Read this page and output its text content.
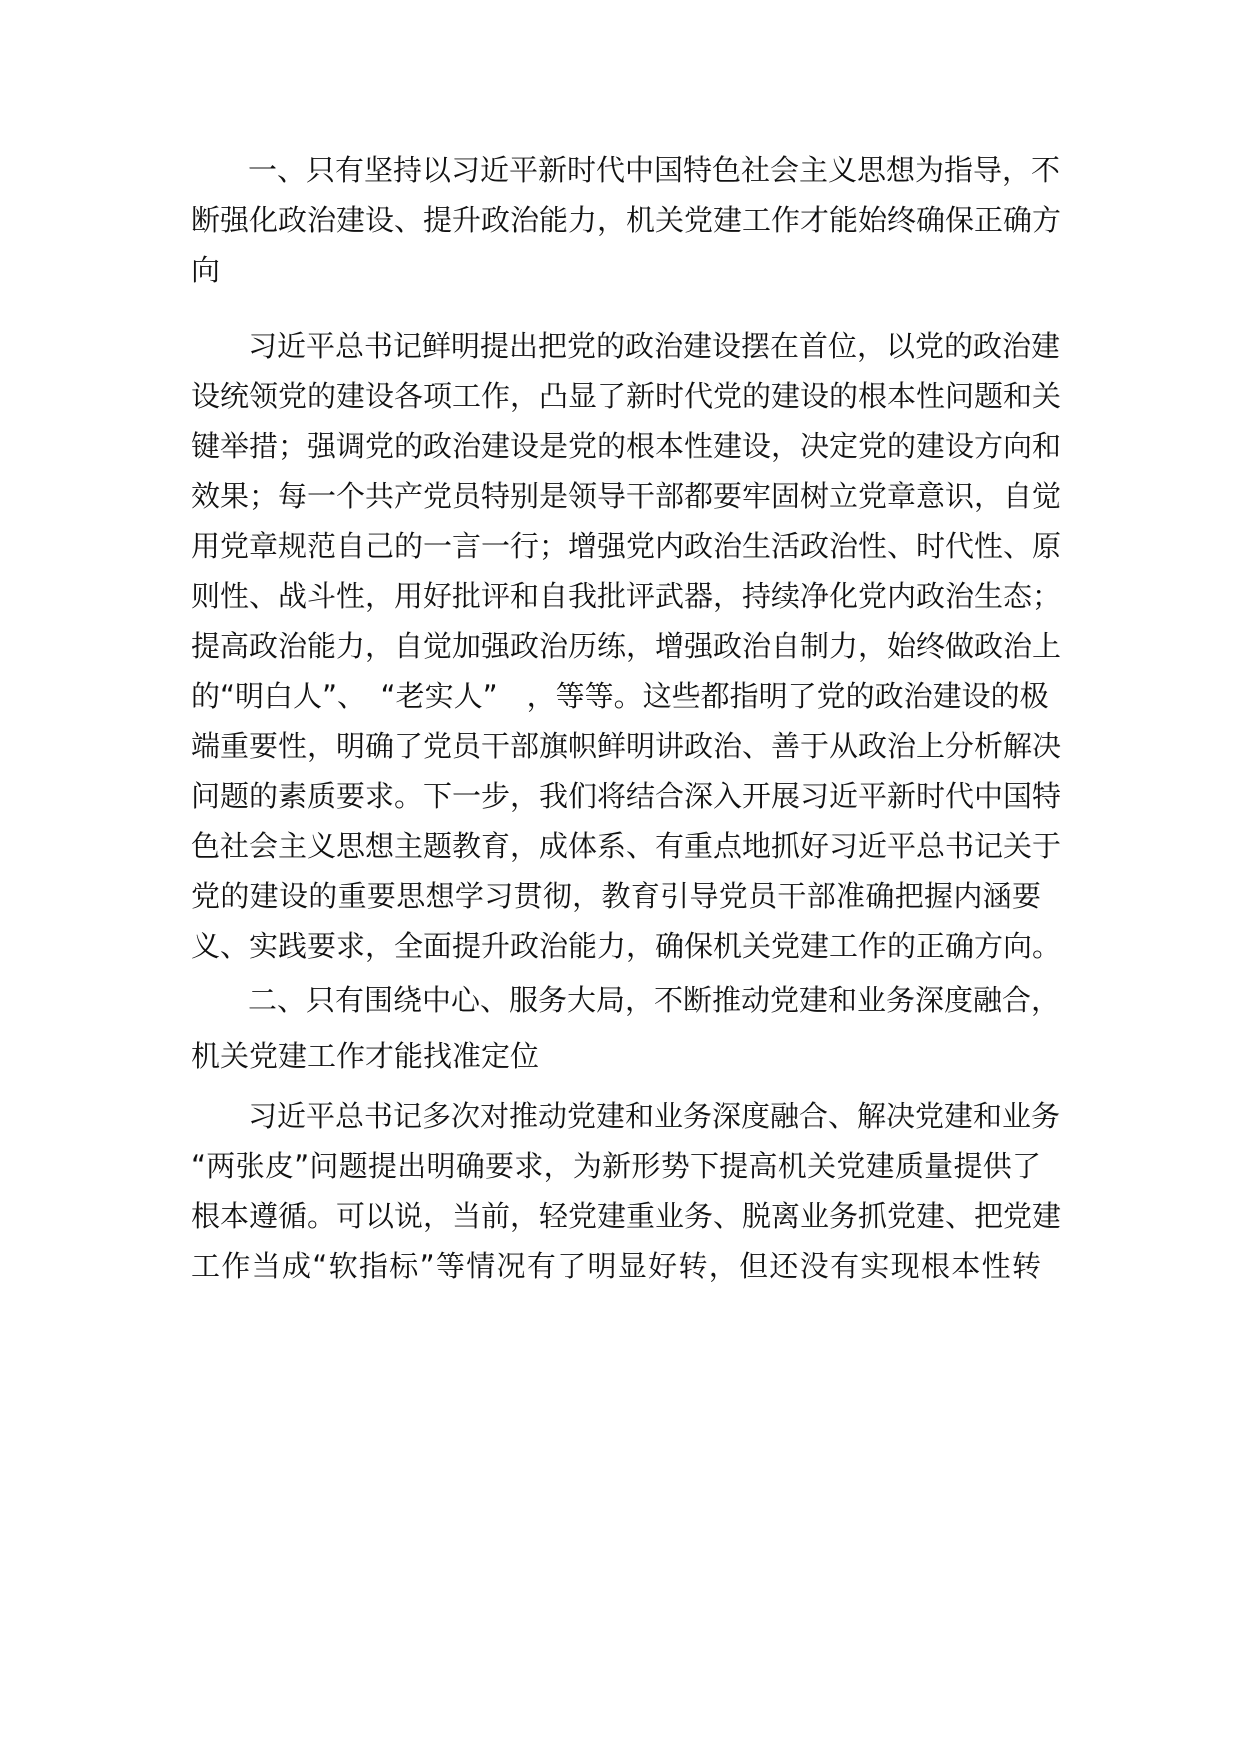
一、只有坚持以习近平新时代中国特色社会主义思想为指导，不
断强化政治建设、提升政治能力，机关党建工作才能始终确保正确方
向
习近平总书记鲜明提出把党的政治建设摆在首位，以党的政治建
设统领党的建设各项工作，凸显了新时代党的建设的根本性问题和关
键举措；强调党的政治建设是党的根本性建设，决定党的建设方向和
效果；每一个共产党员特别是领导干部都要牢固树立党章意识，自觉
用党章规范自己的一言一行；增强党内政治生活政治性、时代性、原
则性、战斗性，用好批评和自我批评武器，持续净化党内政治生态；
提高政治能力，自觉加强政治历练，增强政治自制力，始终做政治上
的“明白人”、　“老实人”　，等等。这些都指明了党的政治建设的极
端重要性，明确了党员干部旗帜鲜明讲政治、善于从政治上分析解决
问题的素质要求。下一步，我们将结合深入开展习近平新时代中国特
色社会主义思想主题教育，成体系、有重点地抓好习近平总书记关于
党的建设的重要思想学习贯彻，教育引导党员干部准确把握内涵要
义、实践要求，全面提升政治能力，确保机关党建工作的正确方向。
二、只有围绕中心、服务大局，不断推动党建和业务深度融合，
机关党建工作才能找准定位
习近平总书记多次对推动党建和业务深度融合、解决党建和业务
“两张皮”问题提出明确要求，为新形势下提高机关党建质量提供了
根本遵循。可以说，当前，轻党建重业务、脱离业务抓党建、把党建
工作当成“软指标”等情况有了明显好转，但还没有实现根本性转
